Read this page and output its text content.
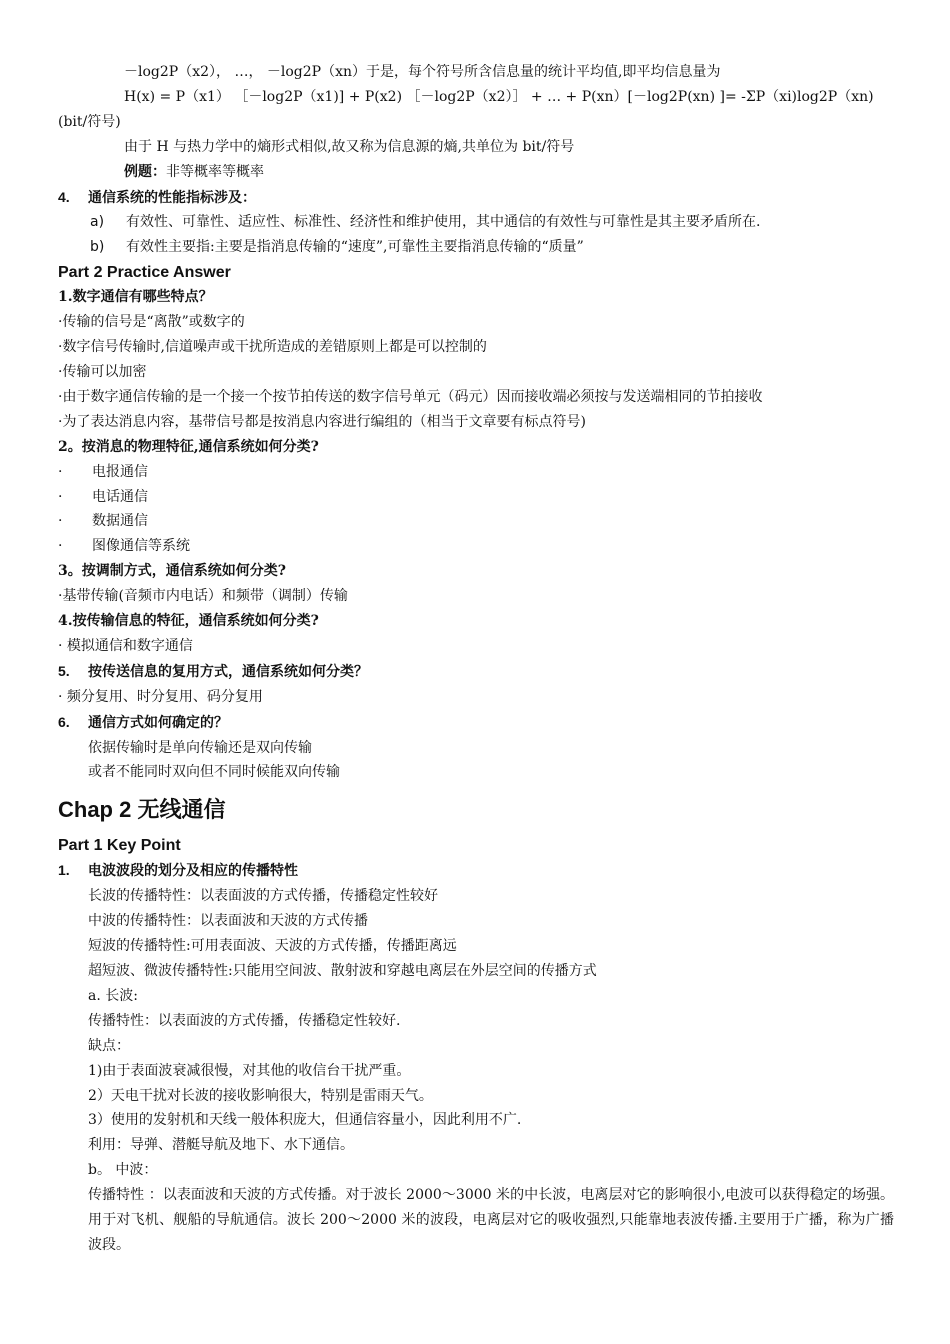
－log2P（x2）， …， －log2P（xn）于是，每个符号所含信息量的统计平均值,即平均信息量为
H(x) = P（x1） ［－log2P（x1)] + P(x2) ［－log2P（x2）］ + … + P(xn）[－log2P(xn) ]= -ΣP（xi)log2P（xn)
(bit/符号)
由于 H 与热力学中的熵形式相似,故又称为信息源的熵,共单位为 bit/符号
例题：非等概率等概率
4. 通信系统的性能指标涉及：
a) 有效性、可靠性、适应性、标准性、经济性和维护使用，其中通信的有效性与可靠性是其主要矛盾所在.
b) 有效性主要指:主要是指消息传输的“速度”,可靠性主要指消息传输的“质量”
Part 2 Practice Answer
1.数字通信有哪些特点？
·传输的信号是“离散”或数字的
·数字信号传输时,信道噪声或干扰所造成的差错原则上都是可以控制的
·传输可以加密
·由于数字通信传输的是一个接一个按节拍传送的数字信号单元（码元）因而接收端必须按与发送端相同的节拍接收
·为了表达消息内容，基带信号都是按消息内容进行编组的（相当于文章要有标点符号)
2。按消息的物理特征,通信系统如何分类?
· 电报通信
· 电话通信
· 数据通信
· 图像通信等系统
3。按调制方式，通信系统如何分类?
·基带传输(音频市内电话）和频带（调制）传输
4.按传输信息的特征，通信系统如何分类?
· 模拟通信和数字通信
5. 按传送信息的复用方式，通信系统如何分类？
· 频分复用、时分复用、码分复用
6. 通信方式如何确定的？
依据传输时是单向传输还是双向传输
或者不能同时双向但不同时候能双向传输
Chap 2 无线通信
Part 1 Key Point
1. 电波波段的划分及相应的传播特性
长波的传播特性：以表面波的方式传播，传播稳定性较好
中波的传播特性：以表面波和天波的方式传播
短波的传播特性:可用表面波、天波的方式传播，传播距离远
超短波、微波传播特性:只能用空间波、散射波和穿越电离层在外层空间的传播方式
a. 长波:
传播特性：以表面波的方式传播，传播稳定性较好.
缺点：
1)由于表面波衰减很慢，对其他的收信台干扰严重。
2）天电干扰对长波的接收影响很大，特别是雷雨天气。
3）使用的发射机和天线一般体积庞大，但通信容量小，因此利用不广.
利用：导弹、潜艇导航及地下、水下通信。
b。 中波：
传播特性 ：以表面波和天波的方式传播。对于波长 2000～3000 米的中长波，电离层对它的影响很小,电波可以获得稳定的场强。用于对飞机、舰船的导航通信。波长 200～2000 米的波段，电离层对它的吸收强烈,只能靠地表波传播.主要用于广播，称为广播波段。
